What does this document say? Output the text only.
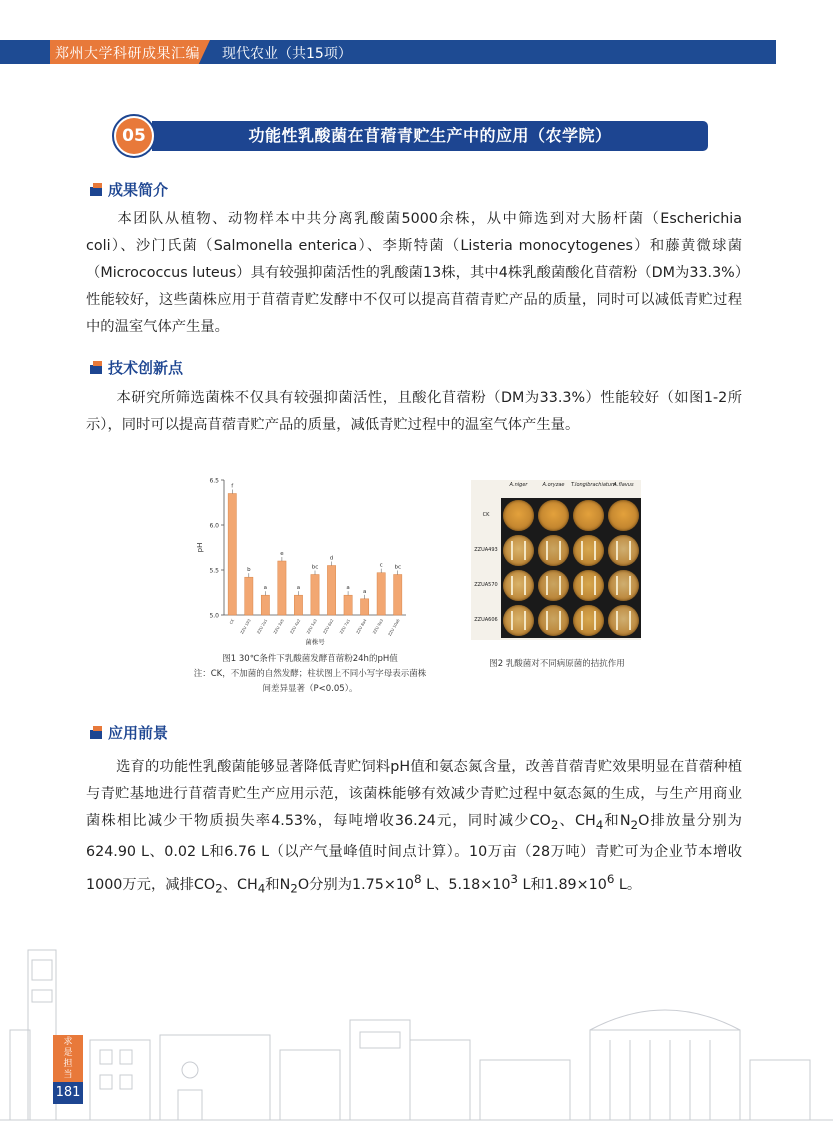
郑州大学科研成果汇编 现代农业（共15项）
功能性乳酸菌在苜蓿青贮生产中的应用（农学院）
05
成果简介
本团队从植物、动物样本中共分离乳酸菌5000余株，从中筛选到对大肠杆菌（Escherichia coli）、沙门氏菌（Salmonella enterica）、李斯特菌（Listeria monocytogenes）和藤黄微球菌（Micrococcus luteus）具有较强抑菌活性的乳酸菌13株，其中4株乳酸菌酸化苜蓿粉（DM为33.3%）性能较好，这些菌株应用于苜蓿青贮发酵中不仅可以提高苜蓿青贮产品的质量，同时可以减低青贮过程中的温室气体产生量。
技术创新点
本研究所筛选菌株不仅具有较强抑菌活性，且酸化苜蓿粉（DM为33.3%）性能较好（如图1-2所示），同时可以提高苜蓿青贮产品的质量，减低青贮过程中的温室气体产生量。
5.0
5.5
6.0
6.5
pH
f
CK
b
ZZU 193
a
ZZU 2a1
e
ZZU 3a5
a
ZZU 4a2
bc
ZZU 5a3
d
ZZU 6a2
a
ZZU 7a1
a
ZZU 8a4
c
ZZU 9a3
bc
ZZU 10a6
菌株号
图1 30℃条件下乳酸菌发酵苜蓿粉24h的pH值
注：CK，不加菌的自然发酵；柱状图上不同小写字母表示菌株
间差异显著（P<0.05）。
A.niger	A.oryzae	T.longibrachiatum
A.flavus
CK
ZZUA493
ZZUA570
ZZUA606
图2 乳酸菌对不同病原菌的拮抗作用
应用前景
选育的功能性乳酸菌能够显著降低青贮饲料pH值和氨态氮含量，改善苜蓿青贮效果明显在苜蓿种植与青贮基地进行苜蓿青贮生产应用示范，该菌株能够有效减少青贮过程中氨态氮的生成，与生产用商业菌株相比减少干物质损失率4.53%，每吨增收36.24元，同时减少$CO_2$、$CH_4$和$N_2O$排放量分别为624.90 L、0.02 L和6.76 L（以产气量峰值时间点计算）。10万亩（28万吨）青贮可为企业节本增收1000万元，减排$CO_2$、$CH_4$和$N_2O$分别为$1.75\times 10^8$ L、$5.18\times 10^3$ L和$1.89\times 10^6$ L。
求是担当
181
